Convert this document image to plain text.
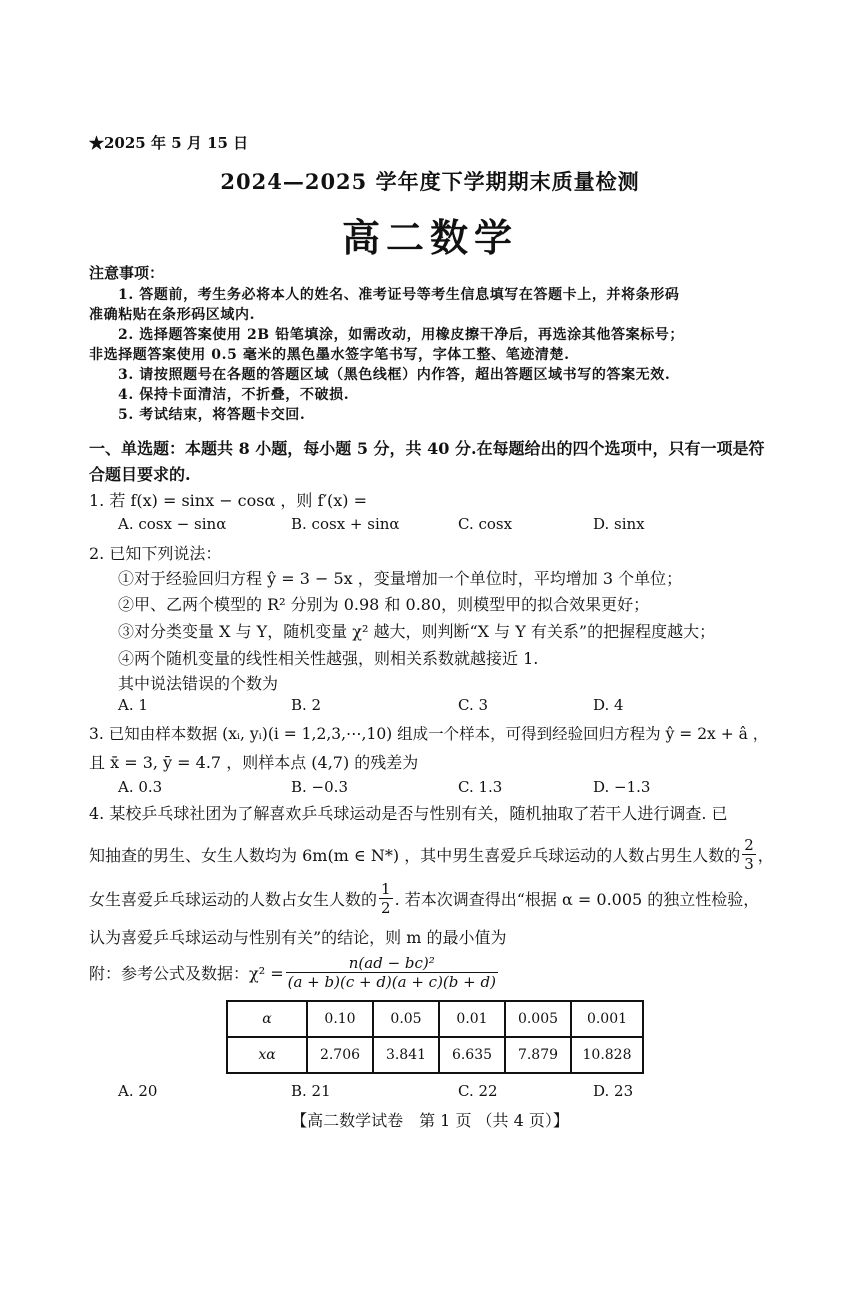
★2025 年 5 月 15 日
2024—2025 学年度下学期期末质量检测
高二数学
注意事项：
1. 答题前，考生务必将本人的姓名、准考证号等考生信息填写在答题卡上，并将条形码
准确粘贴在条形码区域内.
2. 选择题答案使用 2B 铅笔填涂，如需改动，用橡皮擦干净后，再选涂其他答案标号；
非选择题答案使用 0.5 毫米的黑色墨水签字笔书写，字体工整、笔迹清楚.
3. 请按照题号在各题的答题区域（黑色线框）内作答，超出答题区域书写的答案无效.
4. 保持卡面清洁，不折叠，不破损.
5. 考试结束，将答题卡交回.
一、单选题：本题共 8 小题，每小题 5 分，共 40 分.在每题给出的四个选项中，只有一项是符
合题目要求的.
1. 若 f(x) = sinx − cosα ，则 f′(x) =
A. cosx − sinα	B. cosx + sinα	C. cosx	D. sinx
2. 已知下列说法：
①对于经验回归方程 ŷ = 3 − 5x ，变量增加一个单位时，平均增加 3 个单位；
②甲、乙两个模型的 R² 分别为 0.98 和 0.80，则模型甲的拟合效果更好；
③对分类变量 X 与 Y，随机变量 χ² 越大，则判断“X 与 Y 有关系”的把握程度越大；
④两个随机变量的线性相关性越强，则相关系数就越接近 1.
其中说法错误的个数为
A. 1	B. 2	C. 3	D. 4
3. 已知由样本数据 (xᵢ, yᵢ)(i = 1,2,3,⋯,10) 组成一个样本，可得到经验回归方程为 ŷ = 2x + â ，
且 x̄ = 3, ȳ = 4.7 ，则样本点 (4,7) 的残差为
A. 0.3	B. −0.3	C. 1.3	D. −1.3
4. 某校乒乓球社团为了解喜欢乒乓球运动是否与性别有关，随机抽取了若干人进行调查. 已
知抽查的男生、女生人数均为 6m(m ∈ N*) ，其中男生喜爱乒乓球运动的人数占男生人数的 $\frac{2}{3}$ ，
女生喜爱乒乓球运动的人数占女生人数的 $\frac{1}{2}$ . 若本次调查得出“根据 α = 0.005 的独立性检验，
认为喜爱乒乓球运动与性别有关”的结论，则 m 的最小值为
附：参考公式及数据：$\chi^2 = \frac{\text{n(ad − bc)²}}{(a + b)(c + d)(a + c)(b + d)}$
α	0.10	0.05	0.01	0.005	0.001
xα	2.706	3.841	6.635	7.879	10.828
A. 20	B. 21	C. 22	D. 23
【高二数学试卷　第 1 页 （共 4 页）】
